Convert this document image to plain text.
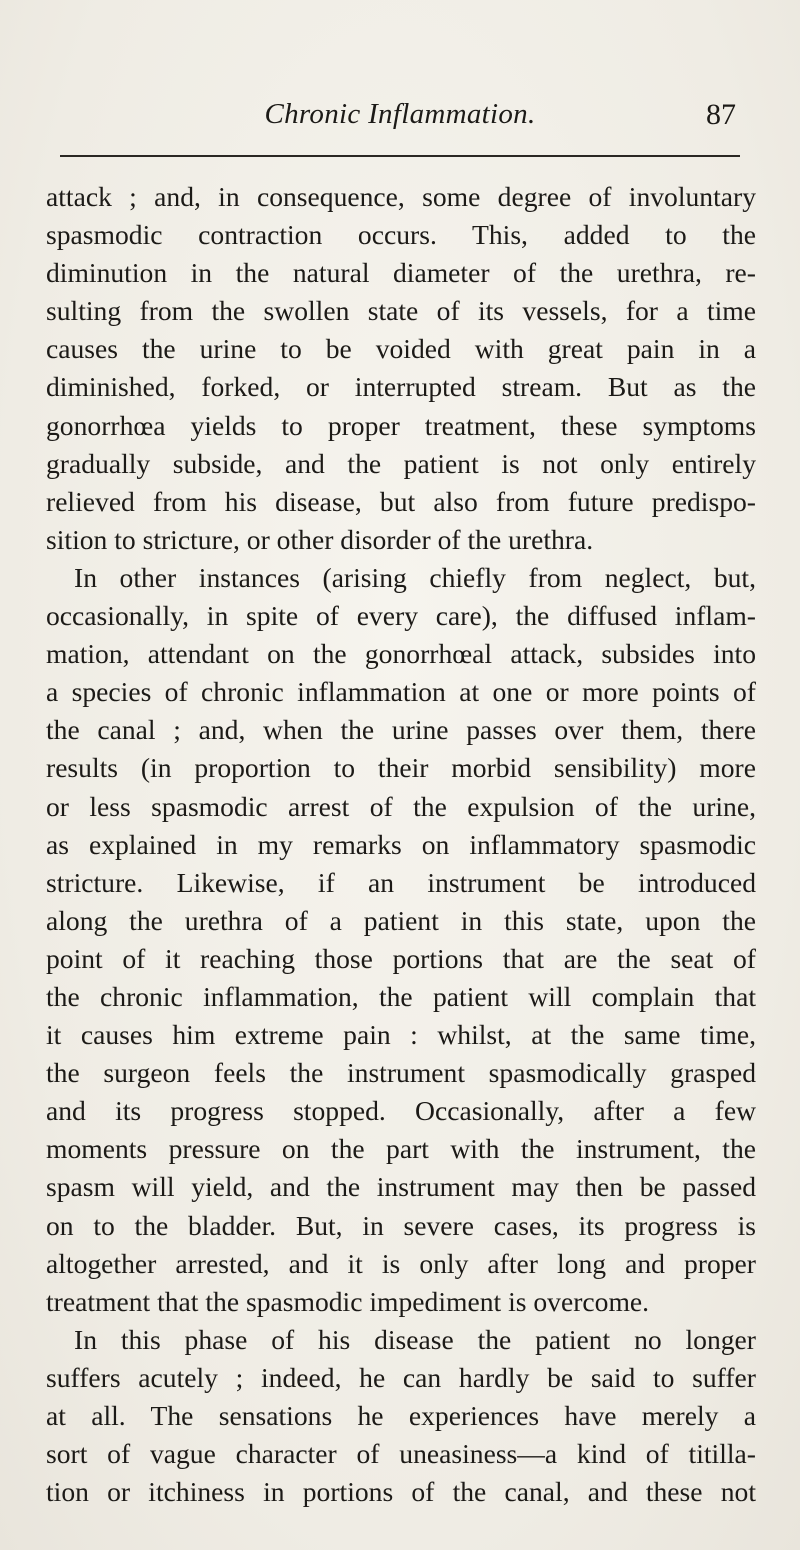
Chronic Inflammation.	87
attack ; and, in consequence, some degree of involuntary
spasmodic contraction occurs. This, added to the
diminution in the natural diameter of the urethra, re-
sulting from the swollen state of its vessels, for a time
causes the urine to be voided with great pain in a
diminished, forked, or interrupted stream. But as the
gonorrhœa yields to proper treatment, these symptoms
gradually subside, and the patient is not only entirely
relieved from his disease, but also from future predispo-
sition to stricture, or other disorder of the urethra.
In other instances (arising chiefly from neglect, but,
occasionally, in spite of every care), the diffused inflam-
mation, attendant on the gonorrhœal attack, subsides into
a species of chronic inflammation at one or more points of
the canal ; and, when the urine passes over them, there
results (in proportion to their morbid sensibility) more
or less spasmodic arrest of the expulsion of the urine,
as explained in my remarks on inflammatory spasmodic
stricture. Likewise, if an instrument be introduced
along the urethra of a patient in this state, upon the
point of it reaching those portions that are the seat of
the chronic inflammation, the patient will complain that
it causes him extreme pain : whilst, at the same time,
the surgeon feels the instrument spasmodically grasped
and its progress stopped. Occasionally, after a few
moments pressure on the part with the instrument, the
spasm will yield, and the instrument may then be passed
on to the bladder. But, in severe cases, its progress is
altogether arrested, and it is only after long and proper
treatment that the spasmodic impediment is overcome.
In this phase of his disease the patient no longer
suffers acutely ; indeed, he can hardly be said to suffer
at all. The sensations he experiences have merely a
sort of vague character of uneasiness—a kind of titilla-
tion or itchiness in portions of the canal, and these not
